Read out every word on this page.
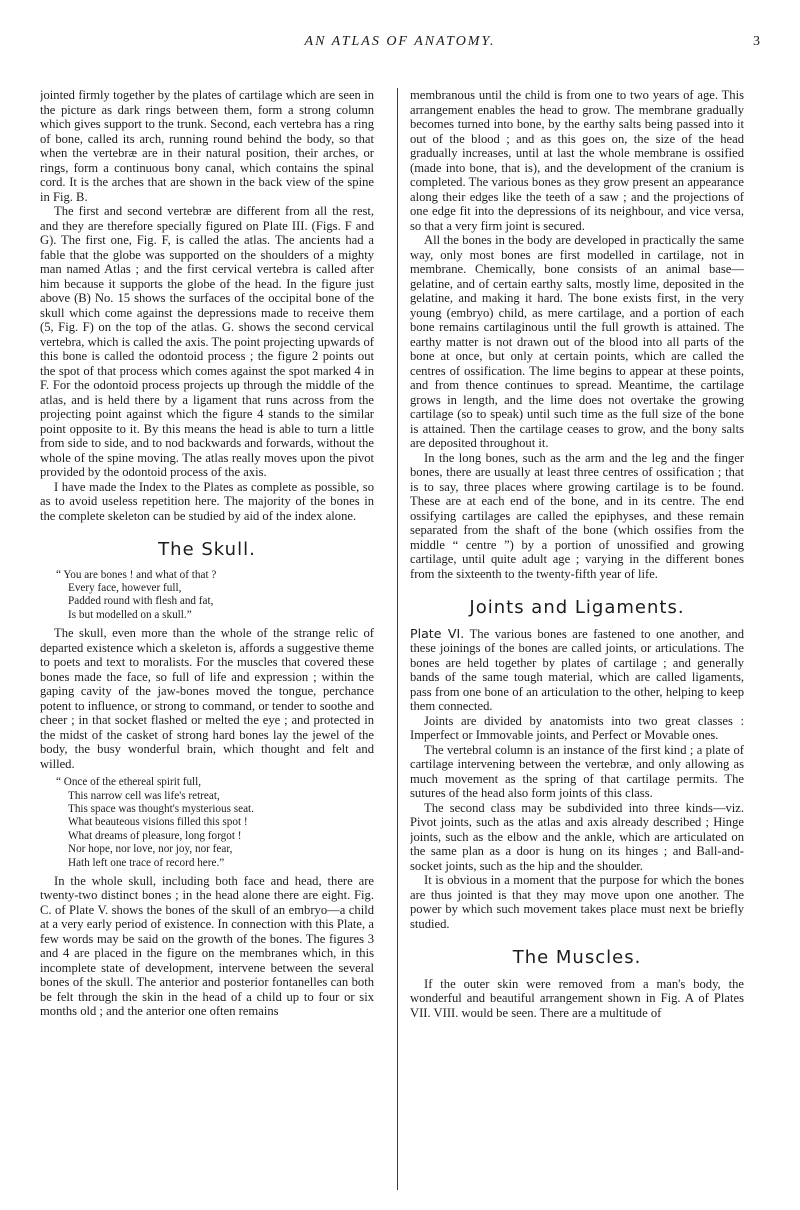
AN ATLAS OF ANATOMY.	3

jointed firmly together by the plates of cartilage which are seen in the picture as dark rings between them, form a strong column which gives support to the trunk. Second, each vertebra has a ring of bone, called its arch, running round behind the body, so that when the vertebræ are in their natural position, their arches, or rings, form a continuous bony canal, which contains the spinal cord. It is the arches that are shown in the back view of the spine in Fig. B.

The first and second vertebræ are different from all the rest, and they are therefore specially figured on Plate III. (Figs. F and G). The first one, Fig. F, is called the atlas. The ancients had a fable that the globe was supported on the shoulders of a mighty man named Atlas ; and the first cervical vertebra is called after him because it supports the globe of the head. In the figure just above (B) No. 15 shows the surfaces of the occipital bone of the skull which come against the depressions made to receive them (5, Fig. F) on the top of the atlas. G. shows the second cervical vertebra, which is called the axis. The point projecting upwards of this bone is called the odontoid process ; the figure 2 points out the spot of that process which comes against the spot marked 4 in F. For the odontoid process projects up through the middle of the atlas, and is held there by a ligament that runs across from the projecting point against which the figure 4 stands to the similar point opposite to it. By this means the head is able to turn a little from side to side, and to nod backwards and forwards, without the whole of the spine moving. The atlas really moves upon the pivot provided by the odontoid process of the axis.

I have made the Index to the Plates as complete as possible, so as to avoid useless repetition here. The majority of the bones in the complete skeleton can be studied by aid of the index alone.

The Skull.
“ You are bones ! and what of that ?
Every face, however full,
Padded round with flesh and fat,
Is but modelled on a skull.”

The skull, even more than the whole of the strange relic of departed existence which a skeleton is, affords a suggestive theme to poets and text to moralists. For the muscles that covered these bones made the face, so full of life and expression ; within the gaping cavity of the jaw-bones moved the tongue, perchance potent to influence, or strong to command, or tender to soothe and cheer ; in that socket flashed or melted the eye ; and protected in the midst of the casket of strong hard bones lay the jewel of the body, the busy wonderful brain, which thought and felt and willed.

“ Once of the ethereal spirit full,
This narrow cell was life's retreat,
This space was thought's mysterious seat.
What beauteous visions filled this spot !
What dreams of pleasure, long forgot !
Nor hope, nor love, nor joy, nor fear,
Hath left one trace of record here.”

In the whole skull, including both face and head, there are twenty-two distinct bones ; in the head alone there are eight. Fig. C. of Plate V. shows the bones of the skull of an embryo—a child at a very early period of existence. In connection with this Plate, a few words may be said on the growth of the bones. The figures 3 and 4 are placed in the figure on the membranes which, in this incomplete state of development, intervene between the several bones of the skull. The anterior and posterior fontanelles can both be felt through the skin in the head of a child up to four or six months old ; and the anterior one often remains

membranous until the child is from one to two years of age. This arrangement enables the head to grow. The membrane gradually becomes turned into bone, by the earthy salts being passed into it out of the blood ; and as this goes on, the size of the head gradually increases, until at last the whole membrane is ossified (made into bone, that is), and the development of the cranium is completed. The various bones as they grow present an appearance along their edges like the teeth of a saw ; and the projections of one edge fit into the depressions of its neighbour, and vice versa, so that a very firm joint is secured.

All the bones in the body are developed in practically the same way, only most bones are first modelled in cartilage, not in membrane. Chemically, bone consists of an animal base—gelatine, and of certain earthy salts, mostly lime, deposited in the gelatine, and making it hard. The bone exists first, in the very young (embryo) child, as mere cartilage, and a portion of each bone remains cartilaginous until the full growth is attained. The earthy matter is not drawn out of the blood into all parts of the bone at once, but only at certain points, which are called the centres of ossification. The lime begins to appear at these points, and from thence continues to spread. Meantime, the cartilage grows in length, and the lime does not overtake the growing cartilage (so to speak) until such time as the full size of the bone is attained. Then the cartilage ceases to grow, and the bony salts are deposited throughout it.

In the long bones, such as the arm and the leg and the finger bones, there are usually at least three centres of ossification ; that is to say, three places where growing cartilage is to be found. These are at each end of the bone, and in its centre. The end ossifying cartilages are called the epiphyses, and these remain separated from the shaft of the bone (which ossifies from the middle “ centre ”) by a portion of unossified and growing cartilage, until quite adult age ; varying in the different bones from the sixteenth to the twenty-fifth year of life.

Joints and Ligaments.

Plate VI. The various bones are fastened to one another, and these joinings of the bones are called joints, or articulations. The bones are held together by plates of cartilage ; and generally bands of the same tough material, which are called ligaments, pass from one bone of an articulation to the other, helping to keep them connected.

Joints are divided by anatomists into two great classes : Imperfect or Immovable joints, and Perfect or Movable ones.

The vertebral column is an instance of the first kind ; a plate of cartilage intervening between the vertebræ, and only allowing as much movement as the spring of that cartilage permits. The sutures of the head also form joints of this class.

The second class may be subdivided into three kinds—viz. Pivot joints, such as the atlas and axis already described ; Hinge joints, such as the elbow and the ankle, which are articulated on the same plan as a door is hung on its hinges ; and Ball-and-socket joints, such as the hip and the shoulder.

It is obvious in a moment that the purpose for which the bones are thus jointed is that they may move upon one another. The power by which such movement takes place must next be briefly studied.

The Muscles.

If the outer skin were removed from a man's body, the wonderful and beautiful arrangement shown in Fig. A of Plates VII. VIII. would be seen. There are a multitude of
